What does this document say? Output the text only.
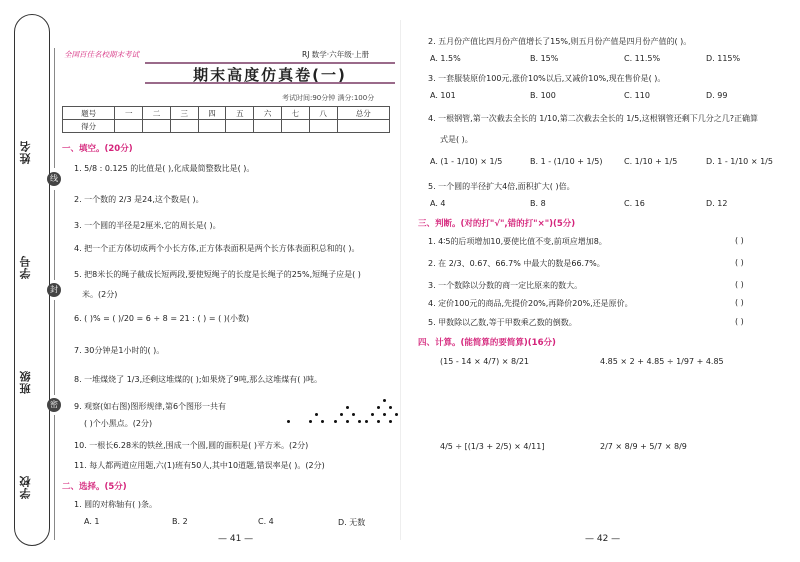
姓名
学号
班级
学校
线
封
密
全国百佳名校期末考试	RJ 数学·六年级·上册
期末高度仿真卷(一)
考试时间:90分钟 满分:100分
题号	一	二	三	四	五	六	七	八	总分
得分									
一、填空。(20分)
1. 5/8 : 0.125 的比值是( ),化成最简整数比是( )。
2. 一个数的 2/3 是24,这个数是( )。
3. 一个圆的半径是2厘米,它的周长是( )。
4. 把一个正方体切成两个小长方体,正方体表面积是两个长方体表面积总和的( )。
5. 把8米长的绳子截成长短两段,要使短绳子的长度是长绳子的25%,短绳子应是( )
米。(2分)
6. ( )% = ( )/20 = 6 ÷ 8 = 21 : ( ) = ( )(小数)
7. 30分钟是1小时的( )。
8. 一堆煤烧了 1/3,还剩这堆煤的( );如果烧了9吨,那么这堆煤有( )吨。
9. 观察(如右图)图形规律,第6个图形一共有
( )个小黑点。(2分)
10. 一根长6.28米的铁丝,围成一个圆,圆的面积是( )平方米。(2分)
11. 每人都两道应用题,六(1)班有50人,其中10道题,错误率是( )。(2分)
二、选择。(5分)
1. 圆的对称轴有( )条。
A. 1	B. 2	C. 4	D. 无数
— 41 —
2. 五月份产值比四月份产值增长了15%,则五月份产值是四月份产值的( )。
A. 1.5%	B. 15%	C. 11.5%	D. 115%
3. 一套服装原价100元,涨价10%以后,又减价10%,现在售价是( )。
A. 101	B. 100	C. 110	D. 99
4. 一根钢管,第一次截去全长的 1/10,第二次截去全长的 1/5,这根钢管还剩下几分之几?正确算
式是( )。
A. (1 - 1/10) × 1/5	B. 1 - (1/10 + 1/5)	C. 1/10 + 1/5	D. 1 - 1/10 × 1/5
5. 一个圆的半径扩大4倍,面积扩大( )倍。
A. 4	B. 8	C. 16	D. 12
三、判断。(对的打"√",错的打"×")(5分)
1. 4∶5的后项增加10,要使比值不变,前项应增加8。	( )
2. 在 2/3、0.67、66.7% 中最大的数是66.7%。	( )
3. 一个数除以分数的商一定比原来的数大。	( )
4. 定价100元的商品,先提价20%,再降价20%,还是原价。	( )
5. 甲数除以乙数,等于甲数乘乙数的倒数。	( )
四、计算。(能简算的要简算)(16分)
(15 - 14 × 4/7) × 8/21	4.85 × 2 + 4.85 ÷ 1/97 + 4.85
4/5 ÷ [(1/3 + 2/5) × 4/11]	2/7 × 8/9 + 5/7 × 8/9
— 42 —
